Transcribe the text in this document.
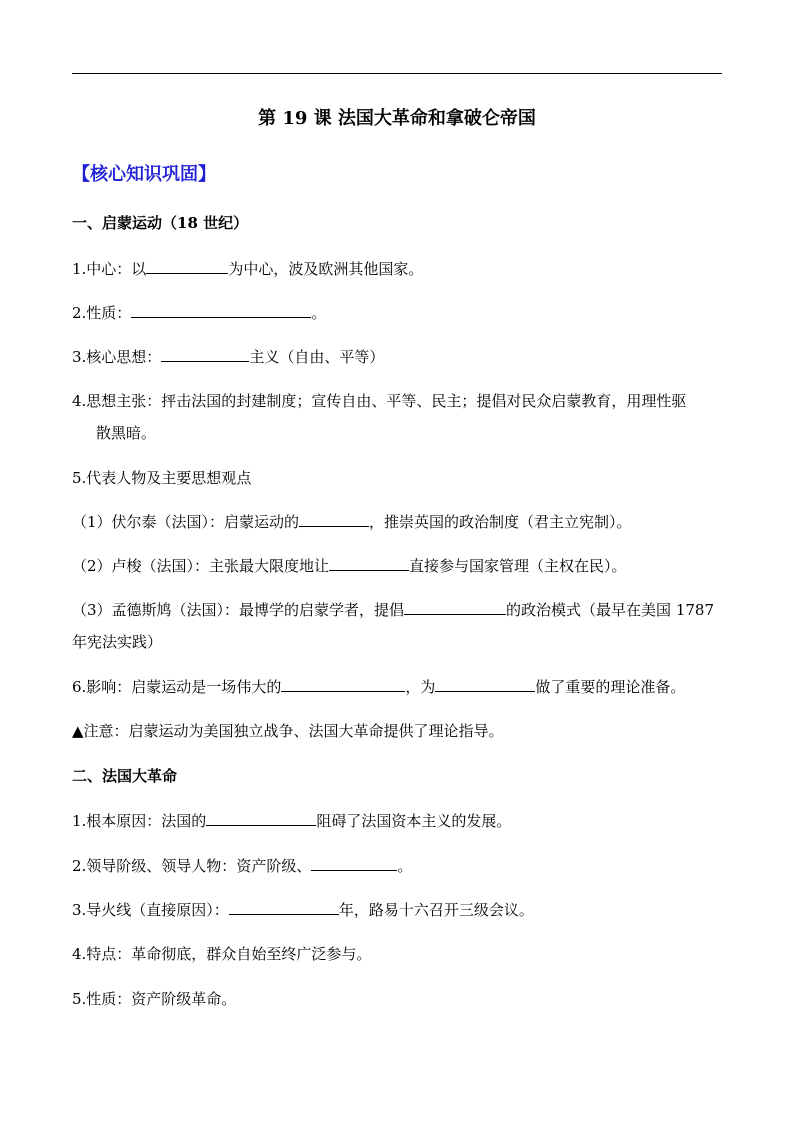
第 19 课 法国大革命和拿破仑帝国
【核心知识巩固】
一、启蒙运动（18 世纪）
1.中心：以	为中心，波及欧洲其他国家。
2.性质：	。
3.核心思想：	主义（自由、平等）
4.思想主张：抨击法国的封建制度；宣传自由、平等、民主；提倡对民众启蒙教育，用理性驱
散黑暗。
5.代表人物及主要思想观点
（1）伏尔泰（法国）：启蒙运动的	，推崇英国的政治制度（君主立宪制）。
（2）卢梭（法国）：主张最大限度地让	直接参与国家管理（主权在民）。
（3）孟德斯鸠（法国）：最博学的启蒙学者，提倡	的政治模式（最早在美国 1787
年宪法实践）
6.影响：启蒙运动是一场伟大的	，为	做了重要的理论准备。
▲注意：启蒙运动为美国独立战争、法国大革命提供了理论指导。
二、法国大革命
1.根本原因：法国的	阻碍了法国资本主义的发展。
2.领导阶级、领导人物：资产阶级、	。
3.导火线（直接原因）：	年，路易十六召开三级会议。
4.特点：革命彻底，群众自始至终广泛参与。
5.性质：资产阶级革命。
